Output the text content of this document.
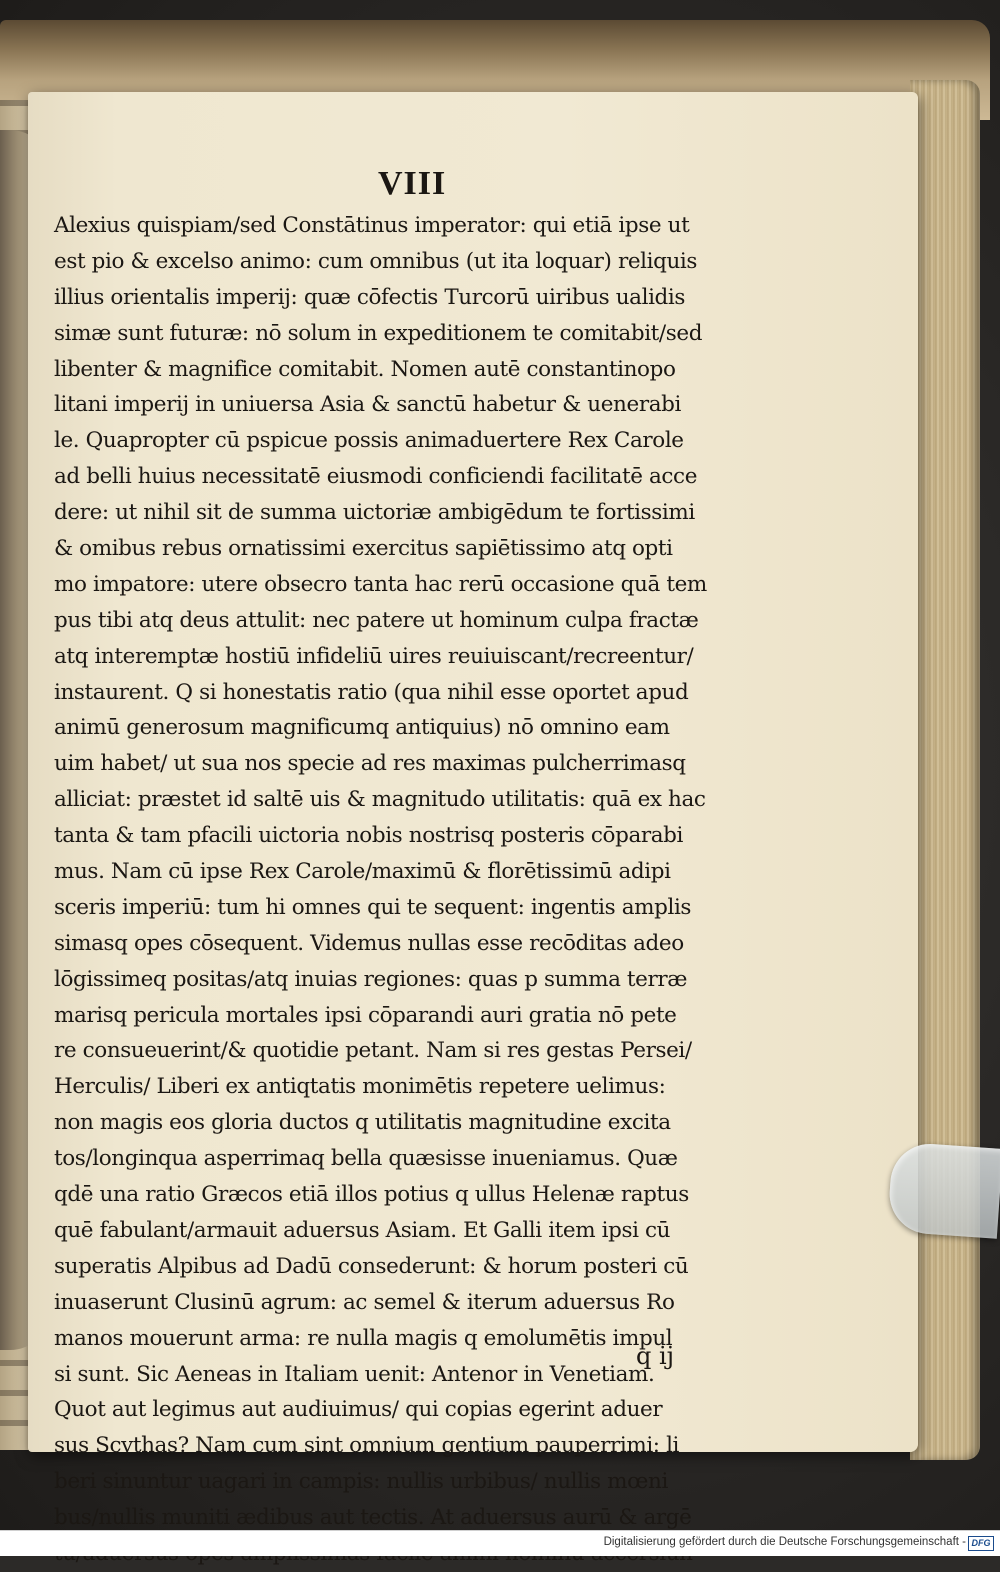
VIII

Alexius quispiam/sed Constātinus imperator: qui etiā ipse ut
est pio & excelso animo: cum omnibus (ut ita loquar) reliquis
illius orientalis imperij: quæ cōfectis Turcorū uiribus ualidis
simæ sunt futuræ: nō solum in expeditionem te comitabit/sed
libenter & magnifice comitabit. Nomen autē constantinopo
litani imperij in uniuersa Asia & sanctū habetur & uenerabi
le. Quapropter cū pspicue possis animaduertere Rex Carole
ad belli huius necessitatē eiusmodi conficiendi facilitatē acce
dere: ut nihil sit de summa uictoriæ ambigēdum te fortissimi
& omibus rebus ornatissimi exercitus sapiētissimo atq opti
mo impatore: utere obsecro tanta hac rerū occasione quā tem
pus tibi atq deus attulit: nec patere ut hominum culpa fractæ
atq interemptæ hostiū infideliū uires reuiuiscant/recreentur/
instaurent. Q si honestatis ratio (qua nihil esse oportet apud
animū generosum magnificumq antiquius) nō omnino eam
uim habet/ ut sua nos specie ad res maximas pulcherrimasq
alliciat: præstet id saltē uis & magnitudo utilitatis: quā ex hac
tanta & tam pfacili uictoria nobis nostrisq posteris cōparabi
mus. Nam cū ipse Rex Carole/maximū & florētissimū adipi
sceris imperiū: tum hi omnes qui te sequent: ingentis amplis
simasq opes cōsequent. Videmus nullas esse recōditas adeo
lōgissimeq positas/atq inuias regiones: quas p summa terræ
marisq pericula mortales ipsi cōparandi auri gratia nō pete
re consueuerint/& quotidie petant. Nam si res gestas Persei/
Herculis/ Liberi ex antiqtatis monimētis repetere uelimus:
non magis eos gloria ductos q utilitatis magnitudine excita
tos/longinqua asperrimaq bella quæsisse inueniamus. Quæ
qdē una ratio Græcos etiā illos potius q ullus Helenæ raptus
quē fabulant/armauit aduersus Asiam. Et Galli item ipsi cū
superatis Alpibus ad Dadū consederunt: & horum posteri cū
inuaserunt Clusinū agrum: ac semel & iterum aduersus Ro
manos mouerunt arma: re nulla magis q emolumētis impul
si sunt. Sic Aeneas in Italiam uenit: Antenor in Venetiam.
Quot aut legimus aut audiuimus/ qui copias egerint aduer
sus Scythas? Nam cum sint omnium gentium pauperrimi: li
beri sinuntur uagari in campis: nullis urbibus/ nullis mœni
bus/nullis muniti ædibus aut tectis. At aduersus aurū & argē

q ij

Digitalisierung gefördert durch die Deutsche Forschungsgemeinschaft - DFG
